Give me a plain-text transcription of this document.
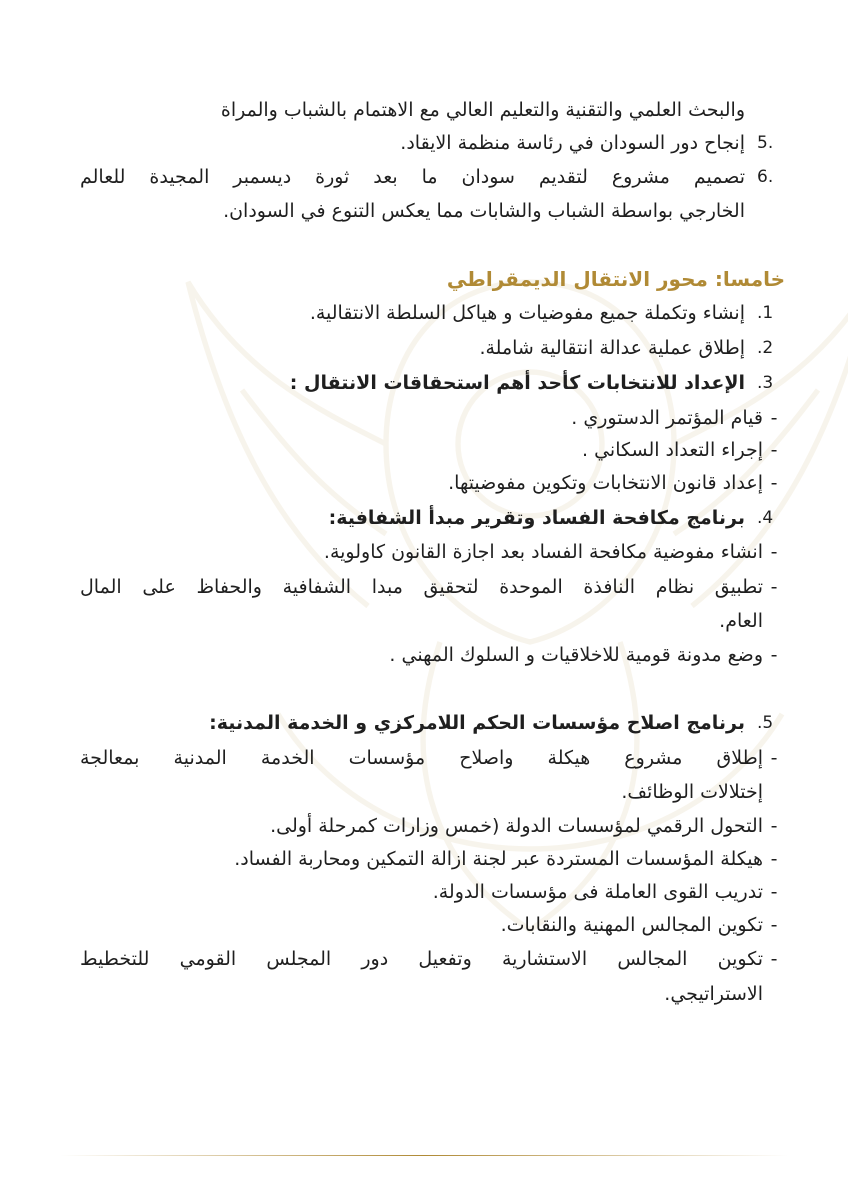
والبحث العلمي والتقنية والتعليم العالي مع الاهتمام بالشباب والمراة
5.
إنجاح دور السودان في رئاسة منظمة الايقاد.
6.
تصميم مشروع لتقديم سودان ما بعد ثورة ديسمبر المجيدة للعالم
الخارجي بواسطة الشباب والشابات مما يعكس التنوع في السودان.
خامسا: محور الانتقال الديمقراطي
.1
إنشاء وتكملة جميع مفوضيات و هياكل السلطة الانتقالية.
.2
إطلاق عملية عدالة انتقالية شاملة.
.3
الإعداد للانتخابات كأحد أهم استحقاقات الانتقال :
-
قيام المؤتمر الدستوري .
-
إجراء التعداد السكاني .
-
إعداد قانون الانتخابات وتكوين مفوضيتها.
.4
برنامج مكافحة الفساد وتقرير مبدأ الشفافية:
-
انشاء مفوضية مكافحة الفساد بعد اجازة القانون كاولوية.
-
تطبيق نظام النافذة الموحدة لتحقيق مبدا الشفافية والحفاظ على المال
العام.
-
وضع مدونة قومية للاخلاقيات و السلوك المهني .
.5
برنامج اصلاح مؤسسات الحكم اللامركزي و الخدمة المدنية:
-
إطلاق مشروع هيكلة واصلاح مؤسسات الخدمة المدنية بمعالجة
إختلالات الوظائف.
-
التحول الرقمي لمؤسسات الدولة (خمس وزارات كمرحلة أولى.
-
هيكلة المؤسسات المستردة عبر لجنة ازالة التمكين ومحاربة الفساد.
-
تدريب القوى العاملة فى مؤسسات الدولة.
-
تكوين المجالس المهنية والنقابات.
-
تكوين المجالس الاستشارية وتفعيل دور المجلس القومي للتخطيط
الاستراتيجي.
